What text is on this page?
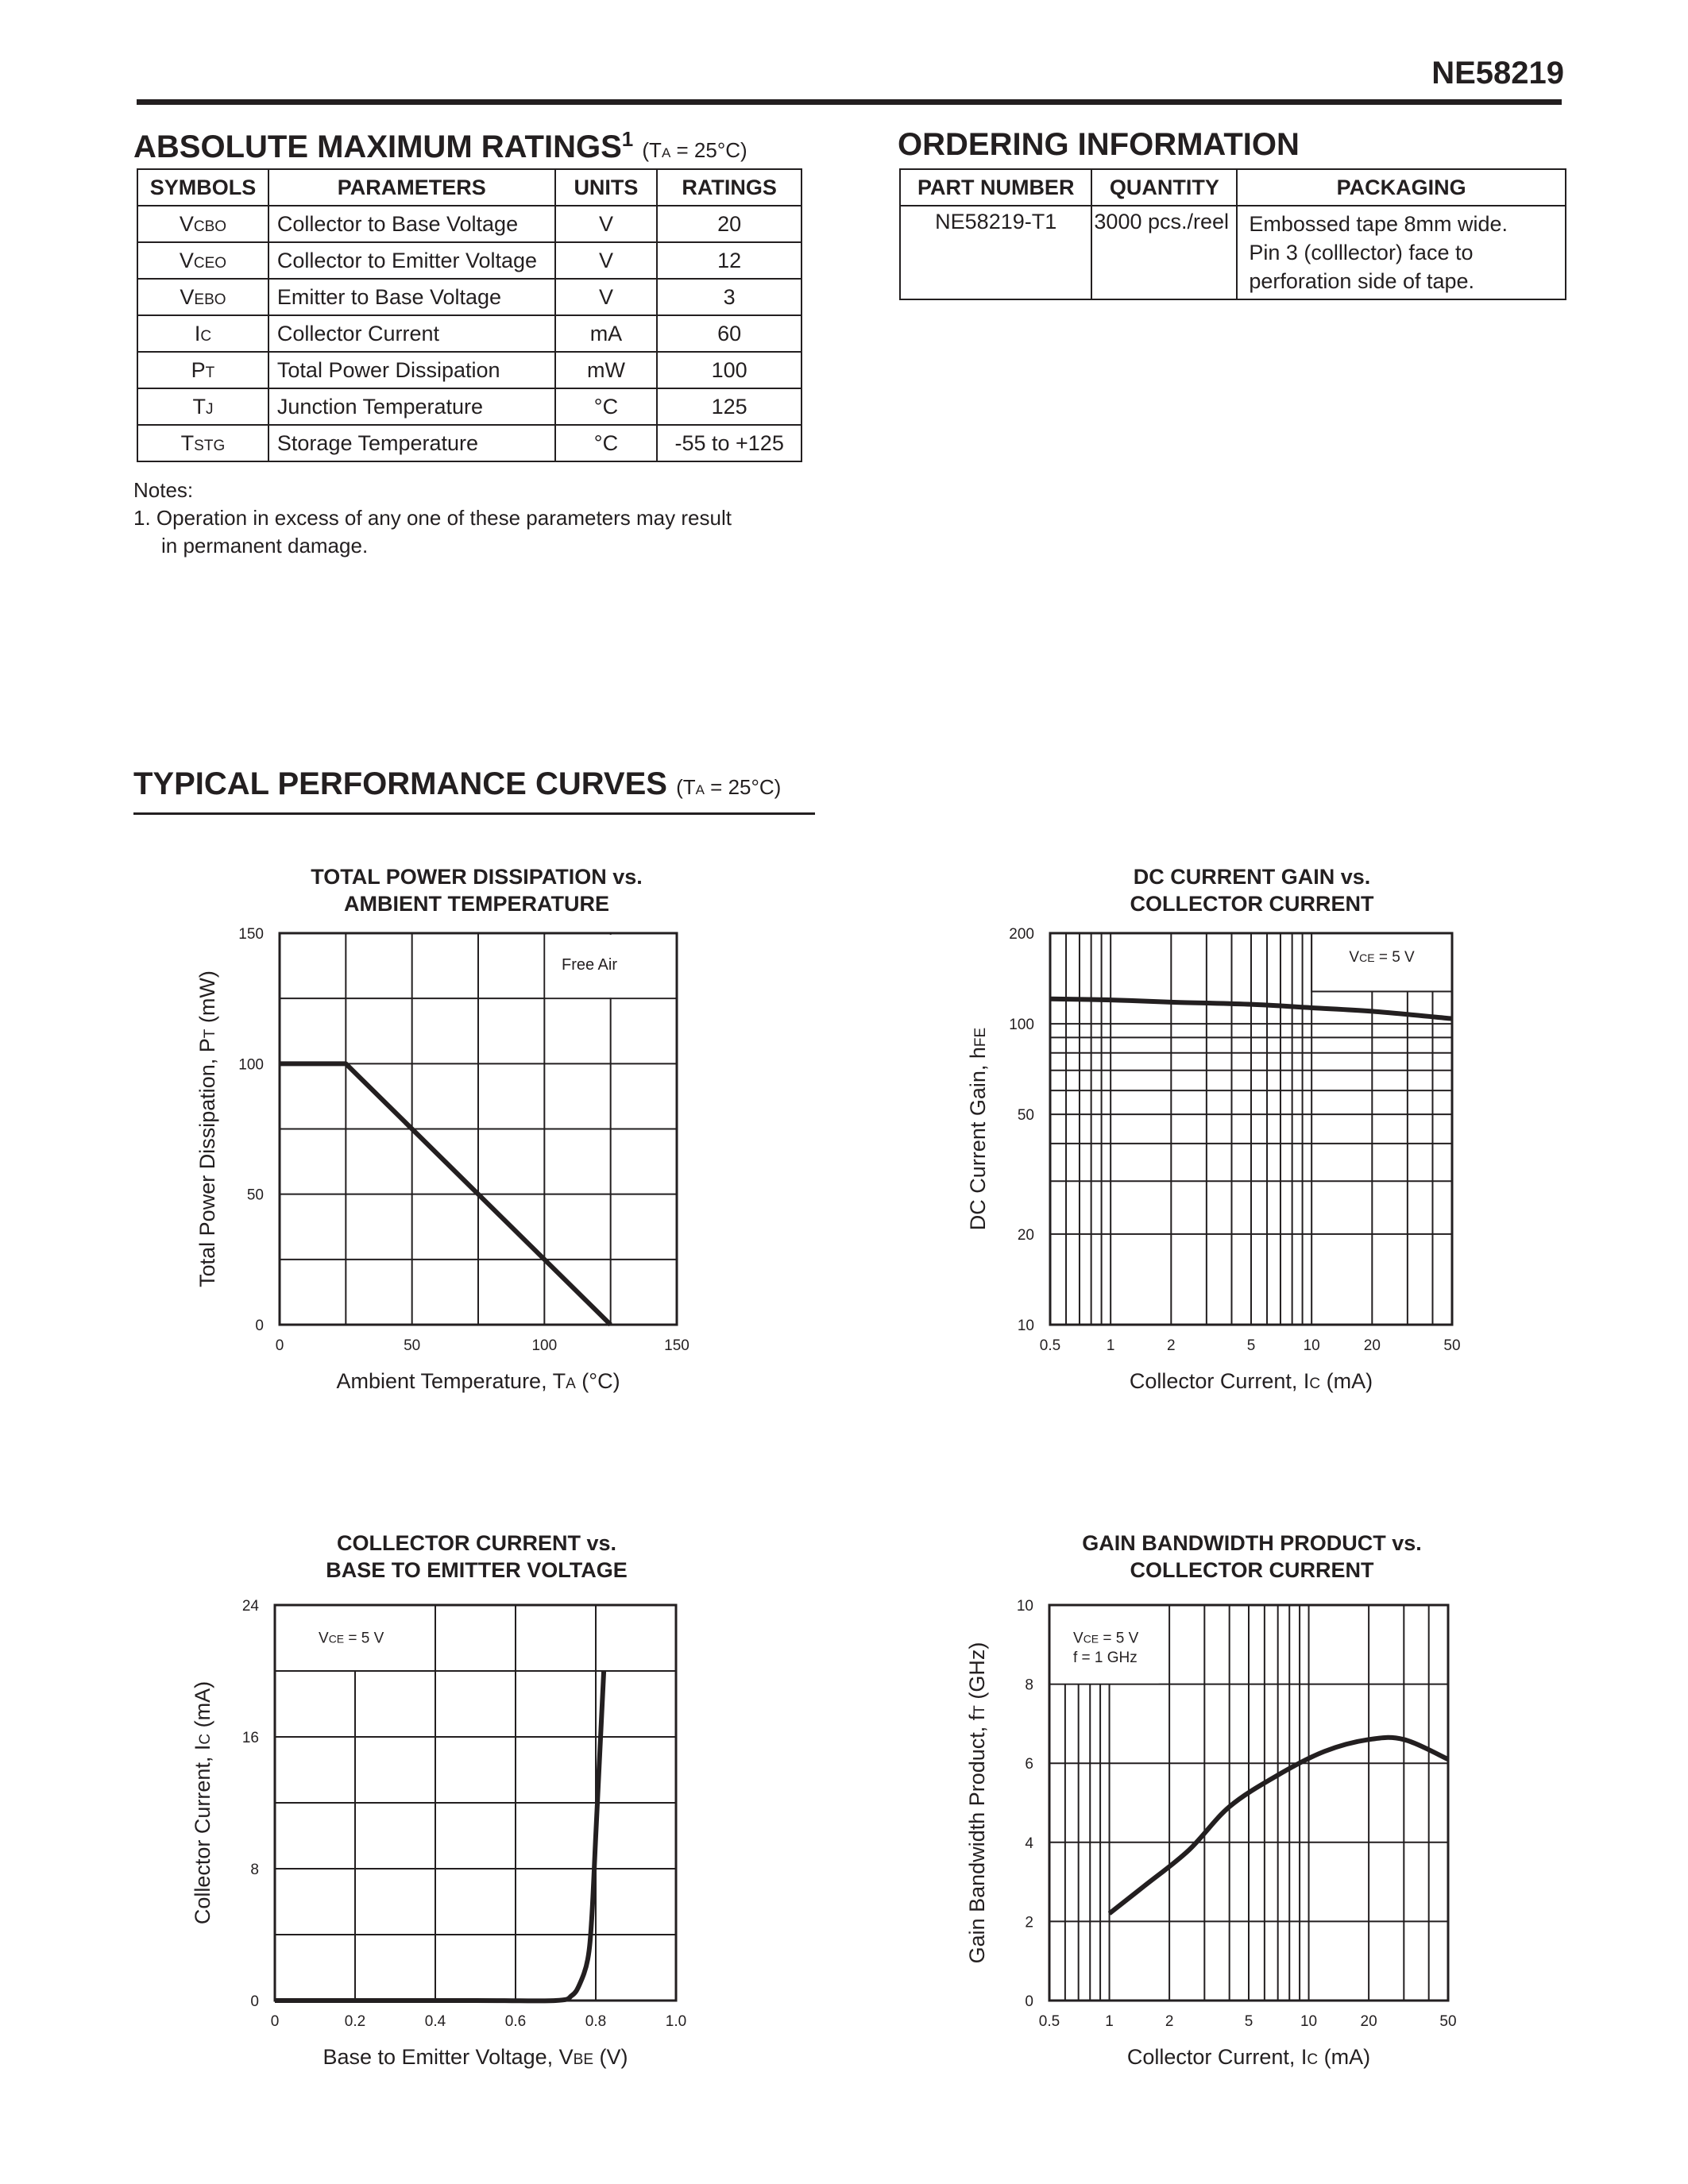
NE58219
ABSOLUTE MAXIMUM RATINGS$^1$ (TA = 25°C)
SYMBOLS	PARAMETERS	UNITS	RATINGS
VCBO	Collector to Base Voltage	V	20
VCEO	Collector to Emitter Voltage	V	12
VEBO	Emitter to Base Voltage	V	3
IC	Collector Current	mA	60
PT	Total Power Dissipation	mW	100
TJ	Junction Temperature	°C	125
TSTG	Storage Temperature	°C	-55 to +125
Notes:
1. Operation in excess of any one of these parameters may result
in permanent damage.
ORDERING INFORMATION
PART NUMBER	QUANTITY	PACKAGING
NE58219-T1	3000 pcs./reel	Embossed tape 8mm wide.
Pin 3 (colllector) face to
perforation side of tape.
TYPICAL PERFORMANCE CURVES (TA = 25°C)
TOTAL POWER DISSIPATION vs.
AMBIENT TEMPERATURE
DC CURRENT GAIN vs.
COLLECTOR CURRENT
COLLECTOR CURRENT vs.
BASE TO EMITTER VOLTAGE
GAIN BANDWIDTH PRODUCT vs.
COLLECTOR CURRENT
0	50	100	150
0
50
100
150
Ambient Temperature, TA (°C)
Total Power Dissipation, PT (mW)
Free Air
0.5	1	2	5	10	20	50
10
20
50
100
200
Collector Current, IC (mA)
DC Current Gain, hFE
VCE = 5 V
0	0.2	0.4	0.6	0.8	1.0
0
8
16
24
Base to Emitter Voltage, VBE (V)
Collector Current, IC (mA)
VCE = 5 V
0.5	1	2	5	10	20	50
0
2
4
6
8
10
Collector Current, IC (mA)
Gain Bandwidth Product, fT (GHz)
VCE = 5 V
f = 1 GHz
